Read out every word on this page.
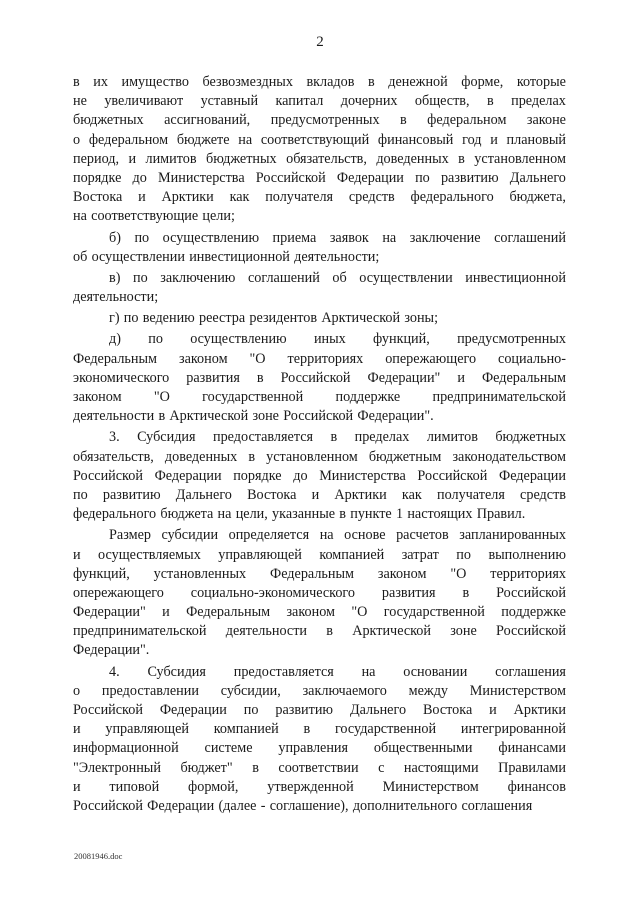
2
в их имущество безвозмездных вкладов в денежной форме, которые
не увеличивают уставный капитал дочерних обществ, в пределах
бюджетных ассигнований, предусмотренных в федеральном законе
о федеральном бюджете на соответствующий финансовый год и плановый
период, и лимитов бюджетных обязательств, доведенных в установленном
порядке до Министерства Российской Федерации по развитию Дальнего
Востока и Арктики как получателя средств федерального бюджета,
на соответствующие цели;
б) по осуществлению приема заявок на заключение соглашений
об осуществлении инвестиционной деятельности;
в) по заключению соглашений об осуществлении инвестиционной
деятельности;
г) по ведению реестра резидентов Арктической зоны;
д) по осуществлению иных функций, предусмотренных
Федеральным законом "О территориях опережающего социально-
экономического развития в Российской Федерации" и Федеральным
законом "О государственной поддержке предпринимательской
деятельности в Арктической зоне Российской Федерации".
3. Субсидия предоставляется в пределах лимитов бюджетных
обязательств, доведенных в установленном бюджетным законодательством
Российской Федерации порядке до Министерства Российской Федерации
по развитию Дальнего Востока и Арктики как получателя средств
федерального бюджета на цели, указанные в пункте 1 настоящих Правил.
Размер субсидии определяется на основе расчетов запланированных
и осуществляемых управляющей компанией затрат по выполнению
функций, установленных Федеральным законом "О территориях
опережающего социально-экономического развития в Российской
Федерации" и Федеральным законом "О государственной поддержке
предпринимательской деятельности в Арктической зоне Российской
Федерации".
4. Субсидия предоставляется на основании соглашения
о предоставлении субсидии, заключаемого между Министерством
Российской Федерации по развитию Дальнего Востока и Арктики
и управляющей компанией в государственной интегрированной
информационной системе управления общественными финансами
"Электронный бюджет" в соответствии с настоящими Правилами
и типовой формой, утвержденной Министерством финансов
Российской Федерации (далее - соглашение), дополнительного соглашения
20081946.doc
